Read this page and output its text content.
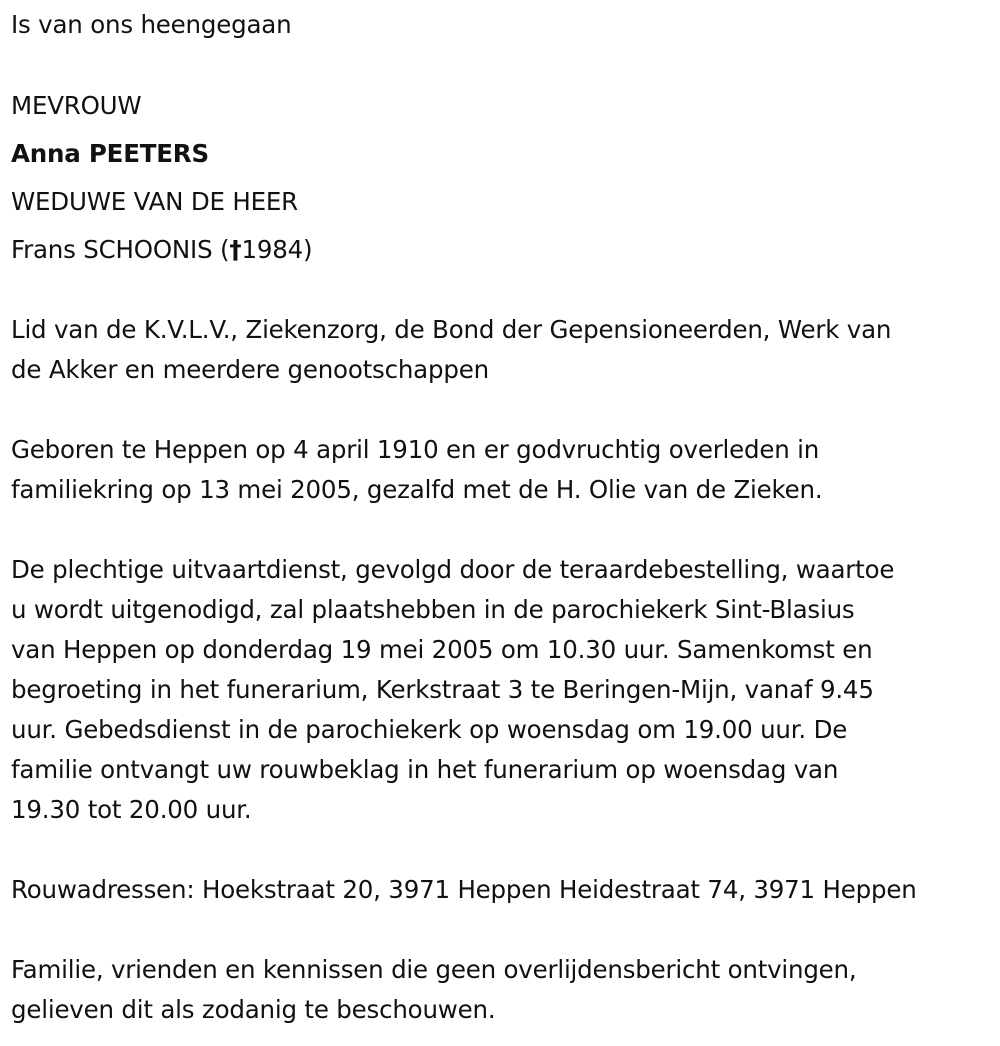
Is van ons heengegaan
MEVROUW
Anna PEETERS
WEDUWE VAN DE HEER
Frans SCHOONIS (†1984)
Lid van de K.V.L.V., Ziekenzorg, de Bond der Gepensioneerden, Werk van
de Akker en meerdere genootschappen
Geboren te Heppen op 4 april 1910 en er godvruchtig overleden in
familiekring op 13 mei 2005, gezalfd met de H. Olie van de Zieken.
De plechtige uitvaartdienst, gevolgd door de teraardebestelling, waartoe
u wordt uitgenodigd, zal plaatshebben in de parochiekerk Sint-Blasius
van Heppen op donderdag 19 mei 2005 om 10.30 uur. Samenkomst en
begroeting in het funerarium, Kerkstraat 3 te Beringen-Mijn, vanaf 9.45
uur. Gebedsdienst in de parochiekerk op woensdag om 19.00 uur. De
familie ontvangt uw rouwbeklag in het funerarium op woensdag van
19.30 tot 20.00 uur.
Rouwadressen: Hoekstraat 20, 3971 Heppen Heidestraat 74, 3971 Heppen
Familie, vrienden en kennissen die geen overlijdensbericht ontvingen,
gelieven dit als zodanig te beschouwen.
